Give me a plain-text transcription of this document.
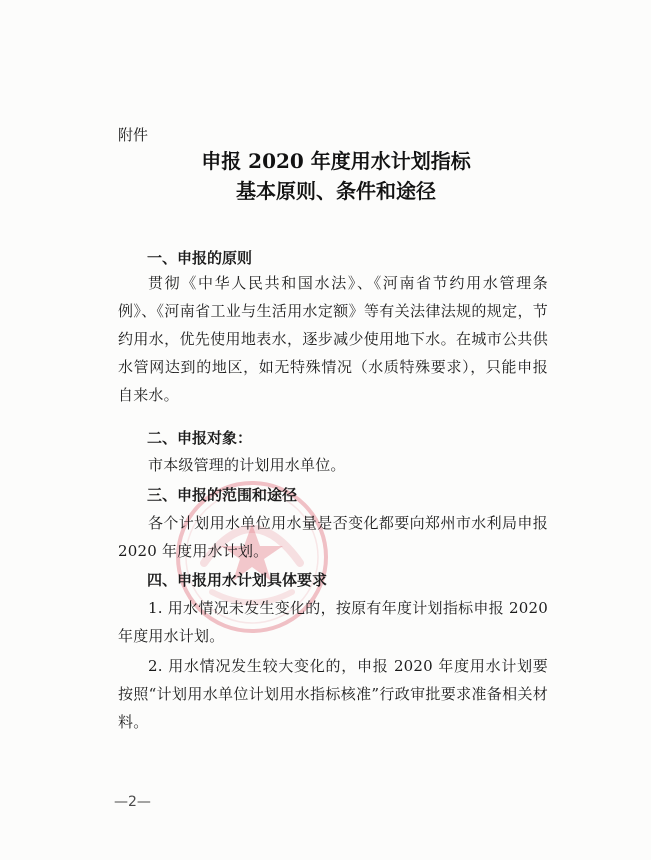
附件
申报 2020 年度用水计划指标
基本原则、条件和途径
一、申报的原则

贯彻《中华人民共和国水法》、《河南省节约用水管理条例》、《河南省工业与生活用水定额》等有关法律法规的规定，节约用水，优先使用地表水，逐步减少使用地下水。在城市公共供水管网达到的地区，如无特殊情况（水质特殊要求），只能申报自来水。

二、申报对象：

市本级管理的计划用水单位。

三、申报的范围和途径

各个计划用水单位用水量是否变化都要向郑州市水利局申报 2020 年度用水计划。

四、申报用水计划具体要求

1. 用水情况未发生变化的，按原有年度计划指标申报 2020 年度用水计划。

2. 用水情况发生较大变化的，申报 2020 年度用水计划要按照“计划用水单位计划用水指标核准”行政审批要求准备相关材料。

—2—
